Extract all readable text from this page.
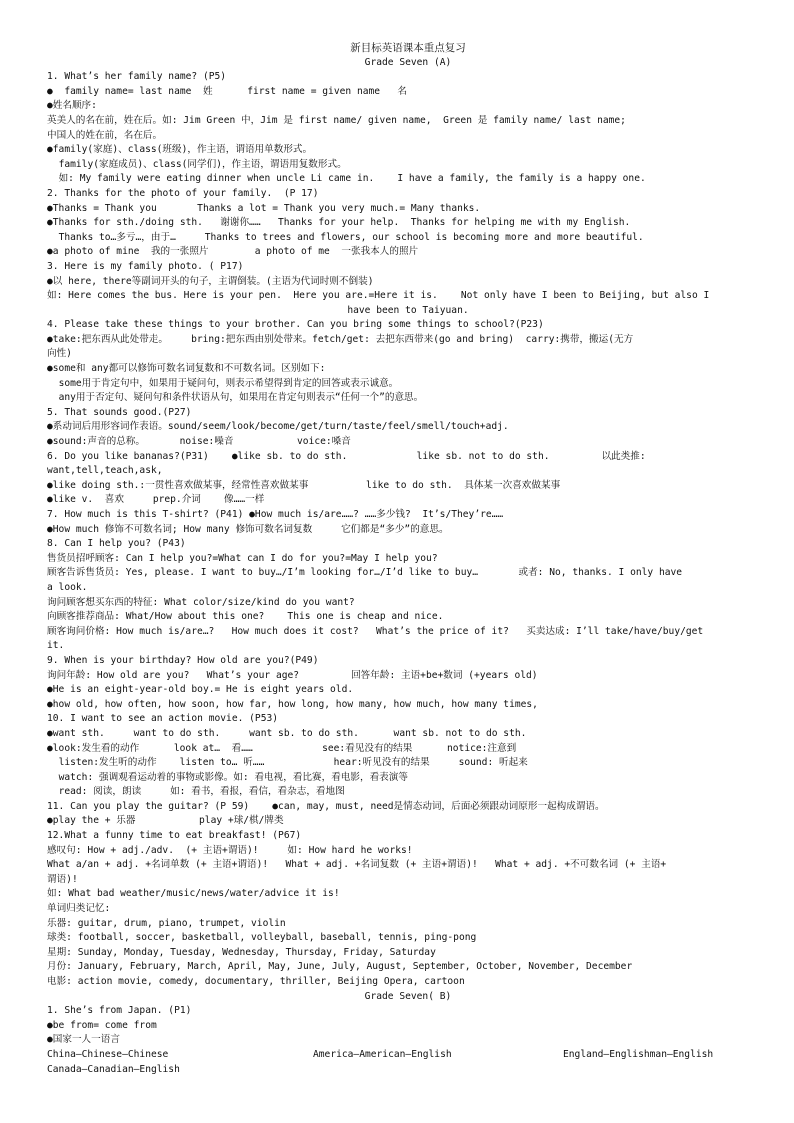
新目标英语课本重点复习
Grade Seven (A)
1. What’s her family name? (P5)
●  family name= last name  姓      first name = given name   名
●姓名顺序:
英美人的名在前，姓在后。如: Jim Green 中，Jim 是 first name/ given name,  Green 是 family name/ last name;
中国人的姓在前，名在后。
●family(家庭)、class(班级)，作主语，谓语用单数形式。
family(家庭成员)、class(同学们)，作主语，谓语用复数形式。
如: My family were eating dinner when uncle Li came in.    I have a family, the family is a happy one.
2. Thanks for the photo of your family.  (P 17)
●Thanks = Thank you       Thanks a lot = Thank you very much.= Many thanks.
●Thanks for sth./doing sth.   谢谢你……   Thanks for your help.  Thanks for helping me with my English.
Thanks to…多亏…，由于…     Thanks to trees and flowers, our school is becoming more and more beautiful.
●a photo of mine  我的一张照片        a photo of me  一张我本人的照片
3. Here is my family photo. ( P17)
●以 here, there等副词开头的句子，主谓倒装。(主语为代词时则不倒装)
如: Here comes the bus. Here is your pen.  Here you are.=Here it is.    Not only have I been to Beijing, but also I
have been to Taiyuan.
4. Please take these things to your brother. Can you bring some things to school?(P23)
●take:把东西从此处带走。    bring:把东西由别处带来。fetch/get: 去把东西带来(go and bring)  carry:携带，搬运(无方
向性)
●some和 any都可以修饰可数名词复数和不可数名词。区别如下:
some用于肯定句中，如果用于疑问句，则表示希望得到肯定的回答或表示诚意。
any用于否定句、疑问句和条件状语从句，如果用在肯定句则表示“任何一个”的意思。
5. That sounds good.(P27)
●系动词后用形容词作表语。sound/seem/look/become/get/turn/taste/feel/smell/touch+adj.
●sound:声音的总称。      noise:噪音           voice:嗓音
6. Do you like bananas?(P31)    ●like sb. to do sth.            like sb. not to do sth.         以此类推:
want,tell,teach,ask,
●like doing sth.:一贯性喜欢做某事，经常性喜欢做某事          like to do sth.  具体某一次喜欢做某事
●like v.  喜欢     prep.介词    像……一样
7. How much is this T-shirt? (P41) ●How much is/are……? ……多少钱?  It’s/They’re……
●How much 修饰不可数名词; How many 修饰可数名词复数     它们都是“多少”的意思。
8. Can I help you? (P43)
售货员招呼顾客: Can I help you?=What can I do for you?=May I help you?
顾客告诉售货员: Yes, please. I want to buy…/I’m looking for…/I’d like to buy…       或者: No, thanks. I only have
a look.
询问顾客想买东西的特征: What color/size/kind do you want?
向顾客推荐商品: What/How about this one?    This one is cheap and nice.
顾客询问价格: How much is/are…?   How much does it cost?   What’s the price of it?   买卖达成: I’ll take/have/buy/get
it.
9. When is your birthday? How old are you?(P49)
询问年龄: How old are you?   What’s your age?         回答年龄: 主语+be+数词 (+years old)
●He is an eight-year-old boy.= He is eight years old.
●how old, how often, how soon, how far, how long, how many, how much, how many times,
10. I want to see an action movie. (P53)
●want sth.     want to do sth.     want sb. to do sth.      want sb. not to do sth.
●look:发生看的动作      look at…  看……            see:看见没有的结果      notice:注意到
listen:发生听的动作    listen to… 听……            hear:听见没有的结果     sound: 听起来
watch: 强调观看运动着的事物或影像。如: 看电视，看比赛，看电影，看表演等
read: 阅读，朗读     如: 看书，看报，看信，看杂志，看地图
11. Can you play the guitar? (P 59)    ●can, may, must, need是情态动词，后面必须跟动词原形一起构成谓语。
●play the + 乐器           play +球/棋/牌类
12.What a funny time to eat breakfast! (P67)
感叹句: How + adj./adv.  (+ 主语+谓语)!     如: How hard he works!
What a/an + adj. +名词单数 (+ 主语+谓语)!   What + adj. +名词复数 (+ 主语+谓语)!   What + adj. +不可数名词 (+ 主语+
谓语)!
如: What bad weather/music/news/water/advice it is!
单词归类记忆:
乐器: guitar, drum, piano, trumpet, violin
球类: football, soccer, basketball, volleyball, baseball, tennis, ping-pong
星期: Sunday, Monday, Tuesday, Wednesday, Thursday, Friday, Saturday
月份: January, February, March, April, May, June, July, August, September, October, November, December
电影: action movie, comedy, documentary, thriller, Beijing Opera, cartoon
Grade Seven( B)
1. She’s from Japan. (P1)
●be from= come from
●国家一人一语言
China—Chinese—Chinese	America—American—English	England—Englishman—English
Canada—Canadian—English
